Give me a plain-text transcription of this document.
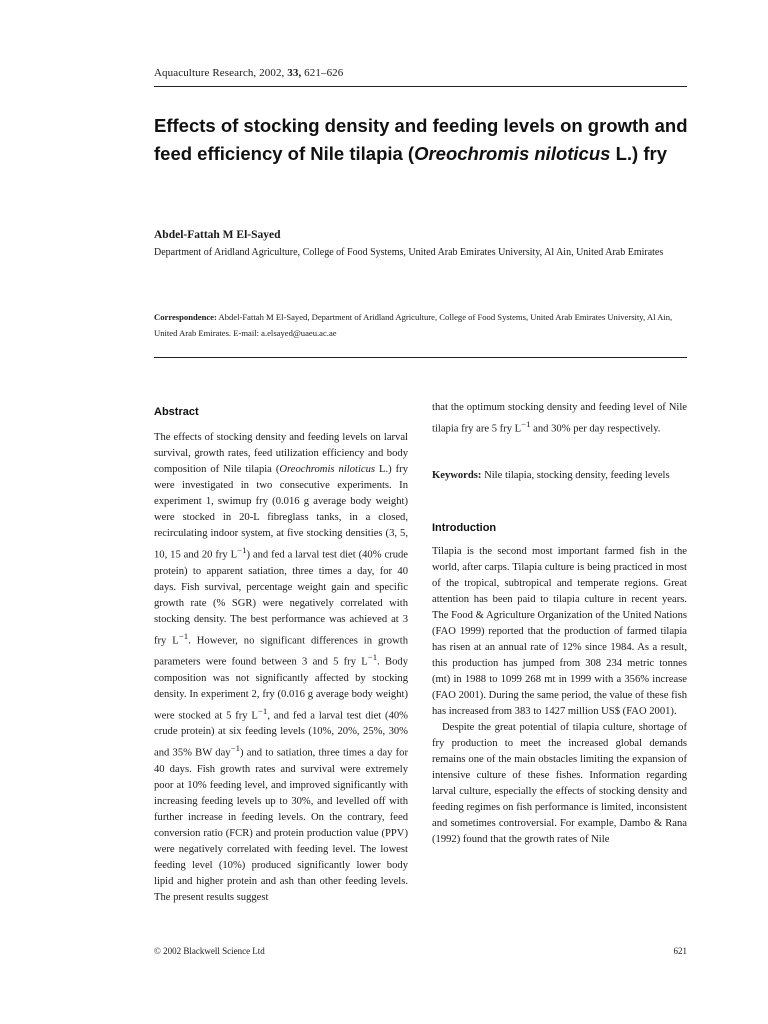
Aquaculture Research, 2002, 33, 621–626
Effects of stocking density and feeding levels on growth and feed efficiency of Nile tilapia (Oreochromis niloticus L.) fry
Abdel-Fattah M El-Sayed
Department of Aridland Agriculture, College of Food Systems, United Arab Emirates University, Al Ain, United Arab Emirates
Correspondence: Abdel-Fattah M El-Sayed, Department of Aridland Agriculture, College of Food Systems, United Arab Emirates University, Al Ain, United Arab Emirates. E-mail: a.elsayed@uaeu.ac.ae
Abstract

The effects of stocking density and feeding levels on larval survival, growth rates, feed utilization efficiency and body composition of Nile tilapia (Oreochromis niloticus L.) fry were investigated in two consecutive experiments. In experiment 1, swimup fry (0.016 g average body weight) were stocked in 20-L fibreglass tanks, in a closed, recirculating indoor system, at five stocking densities (3, 5, 10, 15 and 20 fry $L^{-1}$) and fed a larval test diet (40% crude protein) to apparent satiation, three times a day, for 40 days. Fish survival, percentage weight gain and specific growth rate (% SGR) were negatively correlated with stocking density. The best performance was achieved at 3 fry $L^{-1}$. However, no significant differences in growth parameters were found between 3 and 5 fry $L^{-1}$. Body composition was not significantly affected by stocking density. In experiment 2, fry (0.016 g average body weight) were stocked at 5 fry $L^{-1}$, and fed a larval test diet (40% crude protein) at six feeding levels (10%, 20%, 25%, 30% and 35% BW day$^{-1}$) and to satiation, three times a day for 40 days. Fish growth rates and survival were extremely poor at 10% feeding level, and improved significantly with increasing feeding levels up to 30%, and levelled off with further increase in feeding levels. On the contrary, feed conversion ratio (FCR) and protein production value (PPV) were negatively correlated with feeding level. The lowest feeding level (10%) produced significantly lower body lipid and higher protein and ash than other feeding levels. The present results suggest

that the optimum stocking density and feeding level of Nile tilapia fry are 5 fry $L^{-1}$ and 30% per day respectively.

Keywords: Nile tilapia, stocking density, feeding levels

Introduction

Tilapia is the second most important farmed fish in the world, after carps. Tilapia culture is being practiced in most of the tropical, subtropical and temperate regions. Great attention has been paid to tilapia culture in recent years. The Food & Agriculture Organization of the United Nations (FAO 1999) reported that the production of farmed tilapia has risen at an annual rate of 12% since 1984. As a result, this production has jumped from 308 234 metric tonnes (mt) in 1988 to 1099 268 mt in 1999 with a 356% increase (FAO 2001). During the same period, the value of these fish has increased from 383 to 1427 million US$ (FAO 2001).

Despite the great potential of tilapia culture, shortage of fry production to meet the increased global demands remains one of the main obstacles limiting the expansion of intensive culture of these fishes. Information regarding larval culture, especially the effects of stocking density and feeding regimes on fish performance is limited, inconsistent and sometimes controversial. For example, Dambo & Rana (1992) found that the growth rates of Nile

© 2002 Blackwell Science Ltd	621
